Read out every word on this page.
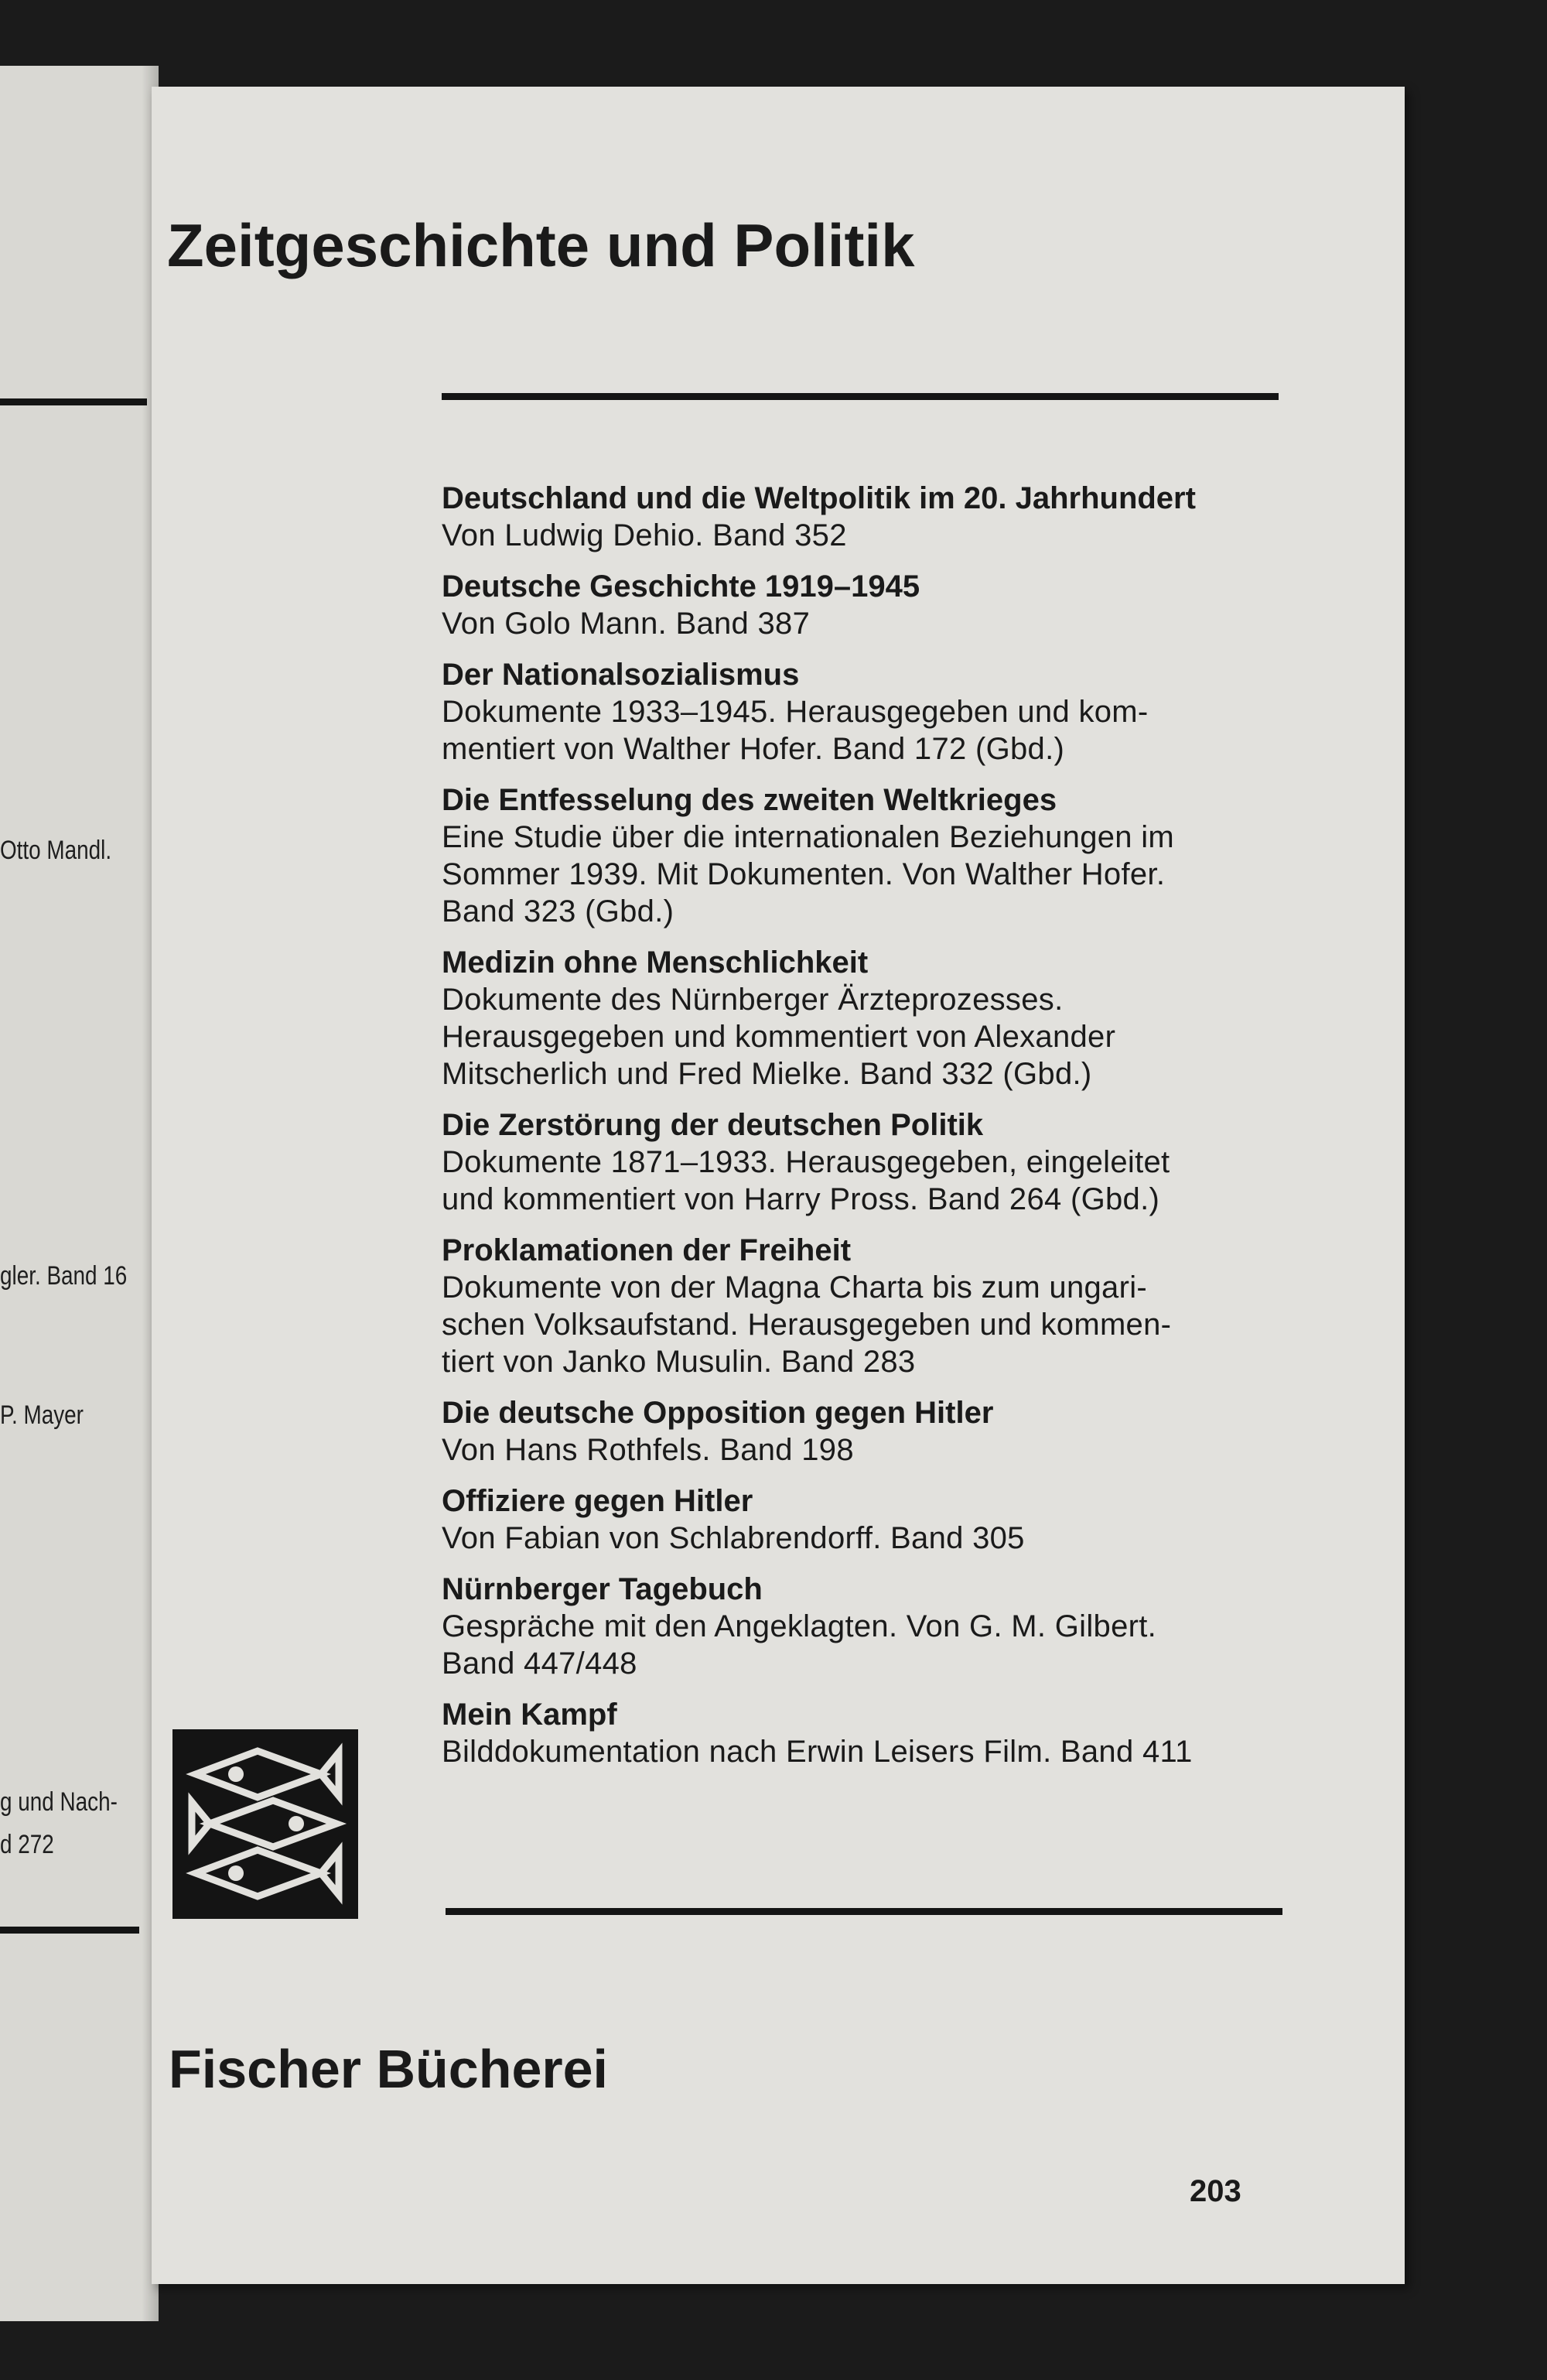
Otto Mandl.
gler. Band 16
P. Mayer
g und Nach-
d 272
Zeitgeschichte und Politik
Deutschland und die Weltpolitik im 20. Jahrhundert
Von Ludwig Dehio. Band 352
Deutsche Geschichte 1919–1945
Von Golo Mann. Band 387
Der Nationalsozialismus
Dokumente 1933–1945. Herausgegeben und kom-
mentiert von Walther Hofer. Band 172 (Gbd.)
Die Entfesselung des zweiten Weltkrieges
Eine Studie über die internationalen Beziehungen im
Sommer 1939. Mit Dokumenten. Von Walther Hofer.
Band 323 (Gbd.)
Medizin ohne Menschlichkeit
Dokumente des Nürnberger Ärzteprozesses.
Herausgegeben und kommentiert von Alexander
Mitscherlich und Fred Mielke. Band 332 (Gbd.)
Die Zerstörung der deutschen Politik
Dokumente 1871–1933. Herausgegeben, eingeleitet
und kommentiert von Harry Pross. Band 264 (Gbd.)
Proklamationen der Freiheit
Dokumente von der Magna Charta bis zum ungari-
schen Volksaufstand. Herausgegeben und kommen-
tiert von Janko Musulin. Band 283
Die deutsche Opposition gegen Hitler
Von Hans Rothfels. Band 198
Offiziere gegen Hitler
Von Fabian von Schlabrendorff. Band 305
Nürnberger Tagebuch
Gespräche mit den Angeklagten. Von G. M. Gilbert.
Band 447/448
Mein Kampf
Bilddokumentation nach Erwin Leisers Film. Band 411
Fischer Bücherei
203
